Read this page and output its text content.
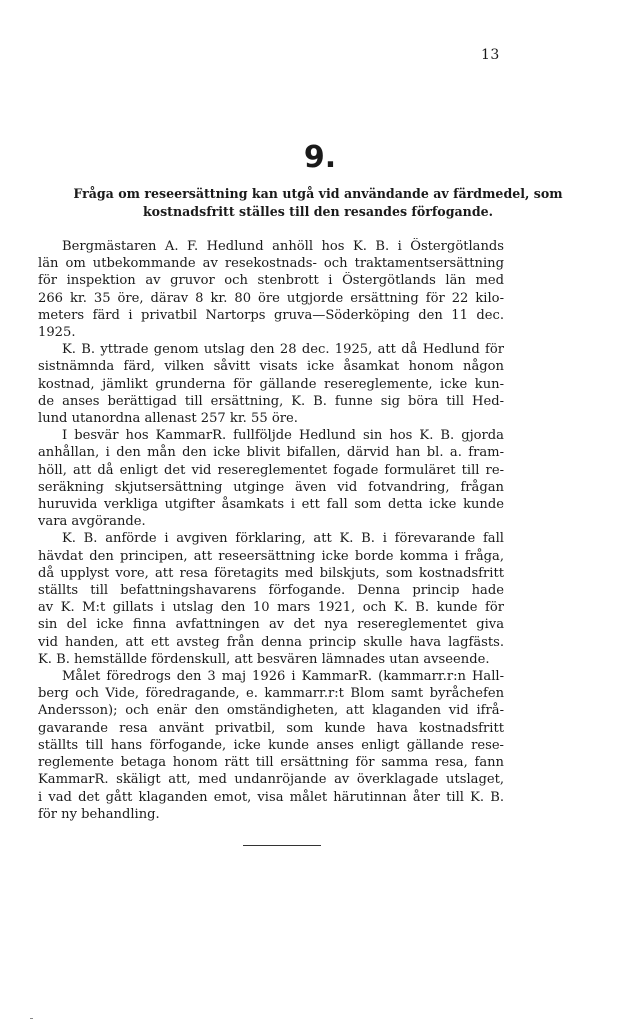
13
9.
Fråga om reseersättning kan utgå vid användande av färdmedel, som
kostnadsfritt ställes till den resandes förfogande.
Bergmästaren A. F. Hedlund anhöll hos K. B. i Östergötlands
län om utbekommande av resekostnads- och traktamentsersättning
för inspektion av gruvor och stenbrott i Östergötlands län med
266 kr. 35 öre, därav 8 kr. 80 öre utgjorde ersättning för 22 kilo-
meters färd i privatbil Nartorps gruva—Söderköping den 11 dec.
1925.
K. B. yttrade genom utslag den 28 dec. 1925, att då Hedlund för
sistnämnda färd, vilken såvitt visats icke åsamkat honom någon
kostnad, jämlikt grunderna för gällande resereglemente, icke kun-
de anses berättigad till ersättning, K. B. funne sig böra till Hed-
lund utanordna allenast 257 kr. 55 öre.
I besvär hos KammarR. fullföljde Hedlund sin hos K. B. gjorda
anhållan, i den mån den icke blivit bifallen, därvid han bl. a. fram-
höll, att då enligt det vid resereglementet fogade formuläret till re-
seräkning skjutsersättning utginge även vid fotvandring, frågan
huruvida verkliga utgifter åsamkats i ett fall som detta icke kunde
vara avgörande.
K. B. anförde i avgiven förklaring, att K. B. i förevarande fall
hävdat den principen, att reseersättning icke borde komma i fråga,
då upplyst vore, att resa företagits med bilskjuts, som kostnadsfritt
ställts till befattningshavarens förfogande. Denna princip hade
av K. M:t gillats i utslag den 10 mars 1921, och K. B. kunde för
sin del icke finna avfattningen av det nya resereglementet giva
vid handen, att ett avsteg från denna princip skulle hava lagfästs.
K. B. hemställde fördenskull, att besvären lämnades utan avseende.
Målet föredrogs den 3 maj 1926 i KammarR. (kammarr.r:n Hall-
berg och Vide, föredragande, e. kammarr.r:t Blom samt byråchefen
Andersson); och enär den omständigheten, att klaganden vid ifrå-
gavarande resa använt privatbil, som kunde hava kostnadsfritt
ställts till hans förfogande, icke kunde anses enligt gällande rese-
reglemente betaga honom rätt till ersättning för samma resa, fann
KammarR. skäligt att, med undanröjande av överklagade utslaget,
i vad det gått klaganden emot, visa målet härutinnan åter till K. B.
för ny behandling.
